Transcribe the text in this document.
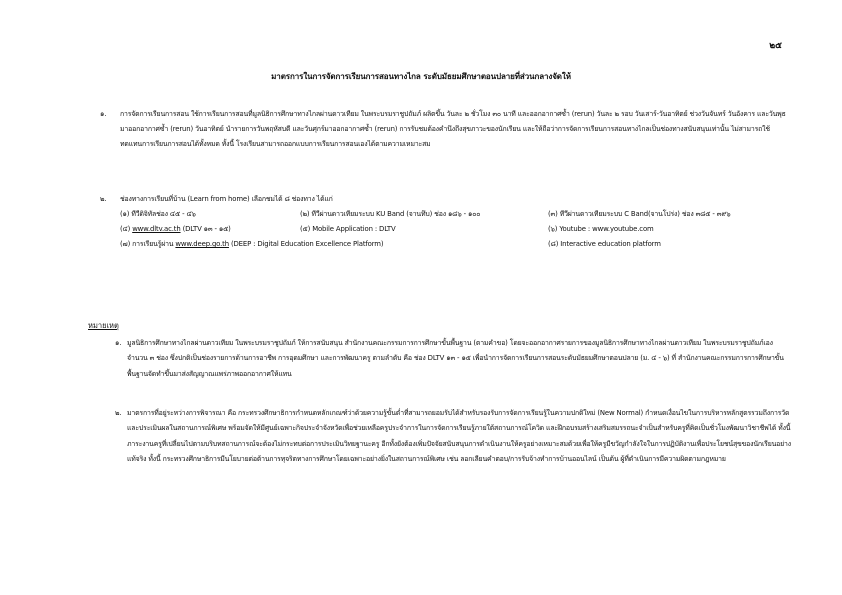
๒๕
มาตรการในการจัดการเรียนการสอนทางไกล ระดับมัธยมศึกษาตอนปลายที่ส่วนกลางจัดให้
๑.	การจัดการเรียนการสอน ใช้การเรียนการสอนที่มูลนิธิการศึกษาทางไกลผ่านดาวเทียม ในพระบรมราชูปถัมภ์ ผลิตขึ้น วันละ ๒ ชั่วโมง ๓๐ นาที และออกอากาศซ้ำ (rerun) วันละ ๒ รอบ วันเสาร์-วันอาทิตย์ ช่วงวันจันทร์ วันอังคาร และวันพุธมาออกอากาศซ้ำ (rerun) วันอาทิตย์ นำรายการวันพฤหัสบดี และวันศุกร์มาออกอากาศซ้ำ (rerun) การรับชมต้องคำนึงถึงสุขภาวะของนักเรียน และให้ถือว่าการจัดการเรียนการสอนทางไกลเป็นช่องทางสนับสนุนเท่านั้น ไม่สามารถใช้ทดแทนการเรียนการสอนได้ทั้งหมด ทั้งนี้ โรงเรียนสามารถออกแบบการเรียนการสอนเองได้ตามความเหมาะสม
๒.	ช่องทางการเรียนที่บ้าน (Learn from home) เลือกชมได้ ๘ ช่องทาง ได้แก่
(๑) ทีวีดิจิทัลช่อง ๔๕ - ๔๖	(๒) ทีวีผ่านดาวเทียมระบบ KU Band (จานทึบ) ช่อง ๑๘๖ - ๑๐๐	(๓) ทีวีผ่านดาวเทียมระบบ C Band(จานโปร่ง) ช่อง ๓๘๕ - ๓๙๖
(๔) www.dltv.ac.th (DLTV ๑๓ - ๑๕)	(๕) Mobile Application : DLTV	(๖) Youtube : www.youtube.com
(๗) การเรียนรู้ผ่าน www.deep.go.th (DEEP : Digital Education Excellence Platform)	(๘) Interactive education platform
หมายเหตุ
๑. มูลนิธิการศึกษาทางไกลผ่านดาวเทียม ในพระบรมราชูปถัมภ์ ให้การสนับสนุน สำนักงานคณะกรรมการการศึกษาขั้นพื้นฐาน (ตามคำขอ) โดยจะออกอากาศรายการของมูลนิธิการศึกษาทางไกลผ่านดาวเทียม ในพระบรมราชูปถัมภ์เอง จำนวน ๓ ช่อง ซึ่งปกติเป็นช่องรายการด้านการอาชีพ การอุดมศึกษา และการพัฒนาครู ตามลำดับ คือ ช่อง DLTV ๑๓ - ๑๕ เพื่อนำการจัดการเรียนการสอนระดับมัธยมศึกษาตอนปลาย (ม. ๔ - ๖) ที่ สำนักงานคณะกรรมการการศึกษาขั้นพื้นฐานจัดทำขึ้นมาส่งสัญญาณแพร่ภาพออกอากาศให้แทน
๒. มาตรการที่อยู่ระหว่างการพิจารณา คือ กระทรวงศึกษาธิการกำหนดหลักเกณฑ์ว่าด้วยความรู้ขั้นต่ำที่สามารถยอมรับได้สำหรับรองรับการจัดการเรียนรู้ในความปกติใหม่ (New Normal) กำหนดเงื่อนไขในการบริหารหลักสูตรรวมถึงการวัดและประเมินผลในสถานการณ์พิเศษ พร้อมจัดให้มีศูนย์เฉพาะกิจประจำจังหวัดเพื่อช่วยเหลือครูประจำการในการจัดการเรียนรู้ภายใต้สถานการณ์โควิด และฝึกอบรมสร้างเสริมสมรรถนะจำเป็นสำหรับครูที่คิดเป็นชั่วโมงพัฒนาวิชาชีพได้ ทั้งนี้ ภาระงานครูที่เปลี่ยนไปตามบริบทสถานการณ์จะต้องไม่กระทบต่อการประเมินวิทยฐานะครู อีกทั้งยังต้องเพิ่มปัจจัยสนับสนุนการดำเนินงานให้ครูอย่างเหมาะสมด้วยเพื่อให้ครูมีขวัญกำลังใจในการปฏิบัติงานเพื่อประโยชน์สุขของนักเรียนอย่างแท้จริง ทั้งนี้ กระทรวงศึกษาธิการมีนโยบายต่อต้านการทุจริตทางการศึกษาโดยเฉพาะอย่างยิ่งในสถานการณ์พิเศษ เช่น ลอกเลียนคำตอบ/การรับจ้างทำการบ้านออนไลน์ เป็นต้น ผู้ที่ดำเนินการมีความผิดตามกฎหมาย
